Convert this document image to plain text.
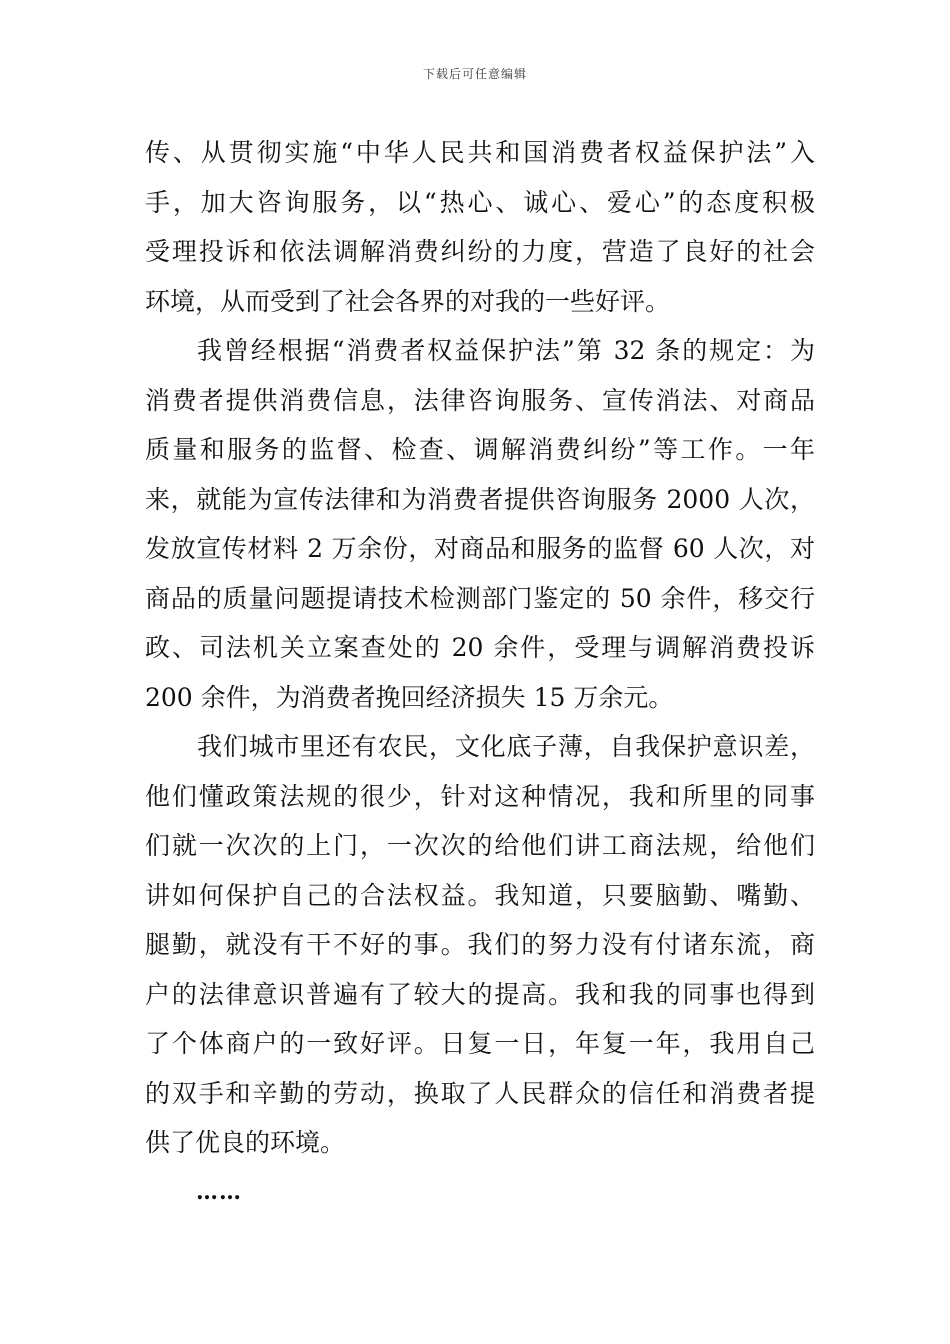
下载后可任意编辑
传、从贯彻实施“中华人民共和国消费者权益保护法”入
手，加大咨询服务，以“热心、诚心、爱心”的态度积极
受理投诉和依法调解消费纠纷的力度，营造了良好的社会
环境，从而受到了社会各界的对我的一些好评。
我曾经根据“消费者权益保护法”第 32 条的规定：为
消费者提供消费信息，法律咨询服务、宣传消法、对商品
质量和服务的监督、检查、调解消费纠纷”等工作。一年
来，就能为宣传法律和为消费者提供咨询服务 2000 人次，
发放宣传材料 2 万余份，对商品和服务的监督 60 人次，对
商品的质量问题提请技术检测部门鉴定的 50 余件，移交行
政、司法机关立案查处的 20 余件，受理与调解消费投诉
200 余件，为消费者挽回经济损失 15 万余元。
我们城市里还有农民，文化底子薄，自我保护意识差，
他们懂政策法规的很少，针对这种情况，我和所里的同事
们就一次次的上门，一次次的给他们讲工商法规，给他们
讲如何保护自己的合法权益。我知道，只要脑勤、嘴勤、
腿勤，就没有干不好的事。我们的努力没有付诸东流，商
户的法律意识普遍有了较大的提高。我和我的同事也得到
了个体商户的一致好评。日复一日，年复一年，我用自己
的双手和辛勤的劳动，换取了人民群众的信任和消费者提
供了优良的环境。
……
